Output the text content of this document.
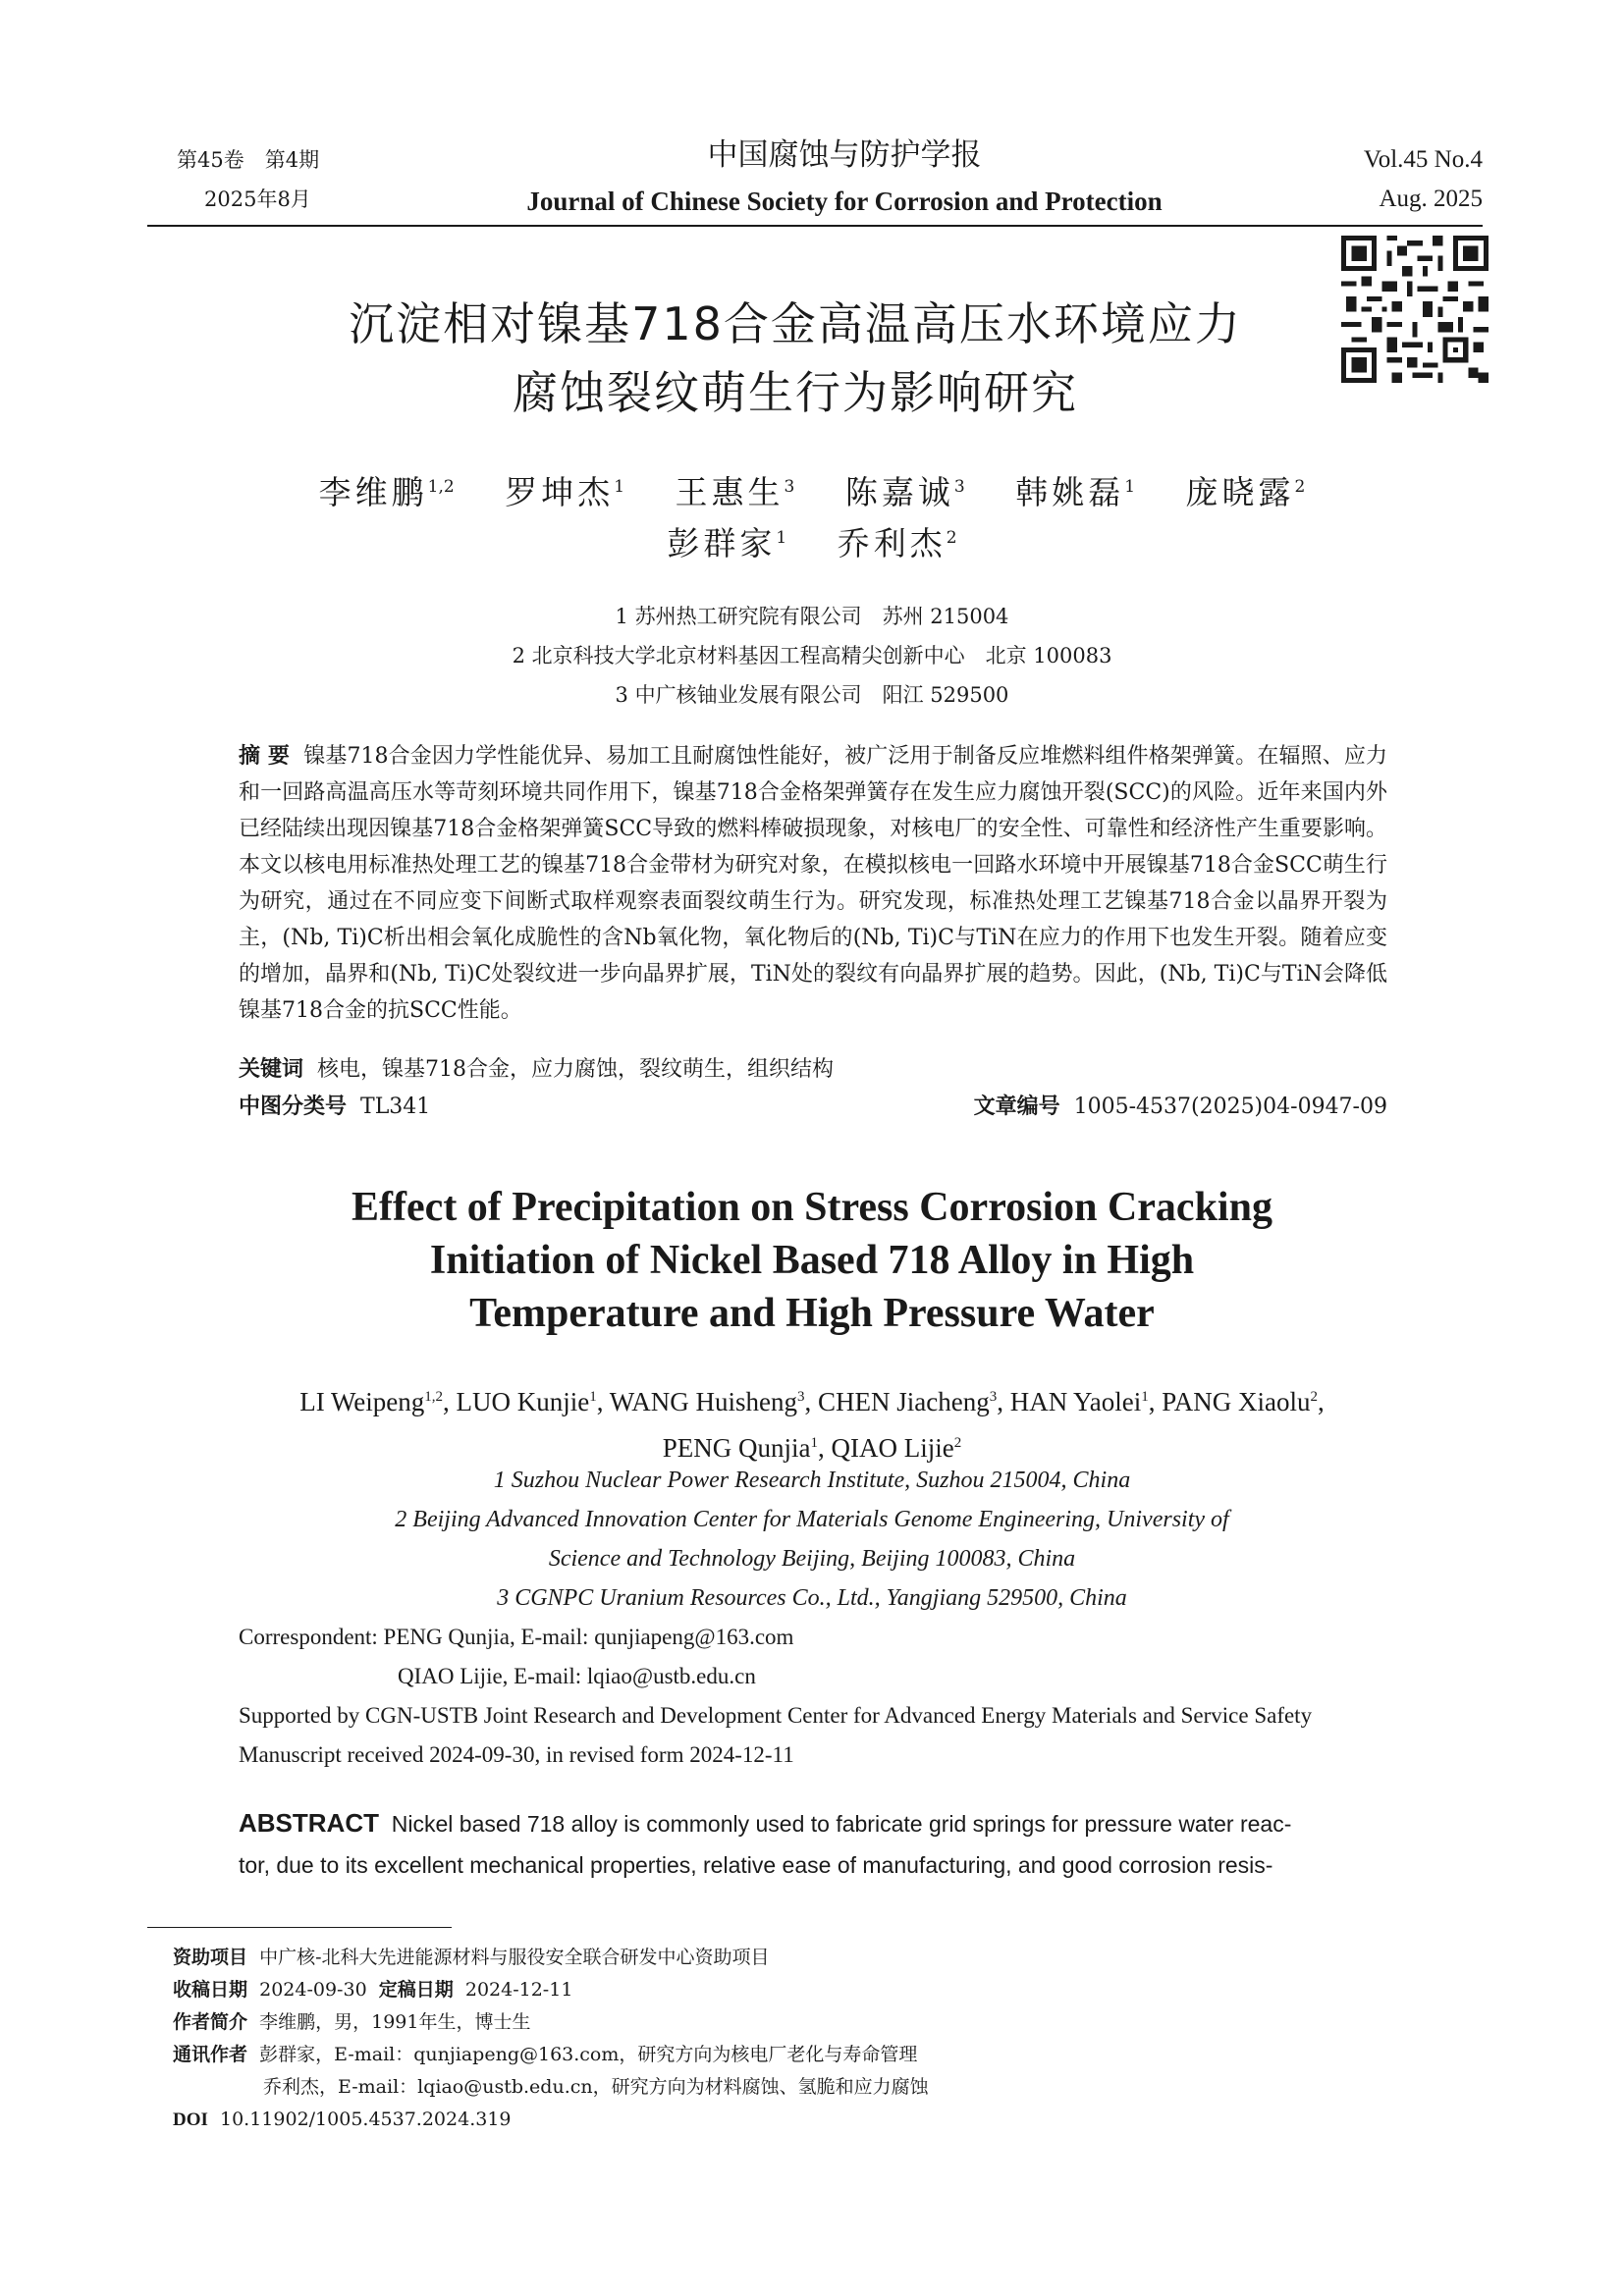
第45卷　第4期
2025年8月
中国腐蚀与防护学报
Journal of Chinese Society for Corrosion and Protection
Vol.45 No.4
Aug. 2025
沉淀相对镍基718合金高温高压水环境应力
腐蚀裂纹萌生行为影响研究
李维鹏$^{1,2}$　 罗坤杰$^1$　 王惠生$^3$　 陈嘉诚$^3$　 韩姚磊$^1$　 庞晓露$^2$
彭群家$^1$　 乔利杰$^2$
1 苏州热工研究院有限公司　苏州 215004
2 北京科技大学北京材料基因工程高精尖创新中心　北京 100083
3 中广核铀业发展有限公司　阳江 529500
摘 要 镍基718合金因力学性能优异、易加工且耐腐蚀性能好，被广泛用于制备反应堆燃料组件格架弹簧。在辐照、应力和一回路高温高压水等苛刻环境共同作用下，镍基718合金格架弹簧存在发生应力腐蚀开裂(SCC)的风险。近年来国内外已经陆续出现因镍基718合金格架弹簧SCC导致的燃料棒破损现象，对核电厂的安全性、可靠性和经济性产生重要影响。本文以核电用标准热处理工艺的镍基718合金带材为研究对象，在模拟核电一回路水环境中开展镍基718合金SCC萌生行为研究，通过在不同应变下间断式取样观察表面裂纹萌生行为。研究发现，标准热处理工艺镍基718合金以晶界开裂为主，(Nb, Ti)C析出相会氧化成脆性的含Nb氧化物，氧化物后的(Nb, Ti)C与TiN在应力的作用下也发生开裂。随着应变的增加，晶界和(Nb, Ti)C处裂纹进一步向晶界扩展，TiN处的裂纹有向晶界扩展的趋势。因此，(Nb, Ti)C与TiN会降低镍基718合金的抗SCC性能。
关键词 核电，镍基718合金，应力腐蚀，裂纹萌生，组织结构
中图分类号 TL341	文章编号 1005-4537(2025)04-0947-09
Effect of Precipitation on Stress Corrosion Cracking
Initiation of Nickel Based 718 Alloy in High
Temperature and High Pressure Water
LI Weipeng$^{1,2}$, LUO Kunjie$^1$, WANG Huisheng$^3$, CHEN Jiacheng$^3$, HAN Yaolei$^1$, PANG Xiaolu$^2$,
PENG Qunjia$^1$, QIAO Lijie$^2$
1 Suzhou Nuclear Power Research Institute, Suzhou 215004, China
2 Beijing Advanced Innovation Center for Materials Genome Engineering, University of
Science and Technology Beijing, Beijing 100083, China
3 CGNPC Uranium Resources Co., Ltd., Yangjiang 529500, China
Correspondent: PENG Qunjia, E-mail: qunjiapeng@163.com
QIAO Lijie, E-mail: lqiao@ustb.edu.cn
Supported by CGN-USTB Joint Research and Development Center for Advanced Energy Materials and Service Safety
Manuscript received 2024-09-30, in revised form 2024-12-11
ABSTRACT Nickel based 718 alloy is commonly used to fabricate grid springs for pressure water reac-
tor, due to its excellent mechanical properties, relative ease of manufacturing, and good corrosion resis-
资助项目 中广核-北科大先进能源材料与服役安全联合研发中心资助项目
收稿日期 2024-09-30 定稿日期 2024-12-11
作者简介 李维鹏，男，1991年生，博士生
通讯作者 彭群家，E-mail：qunjiapeng@163.com，研究方向为核电厂老化与寿命管理
乔利杰，E-mail：lqiao@ustb.edu.cn，研究方向为材料腐蚀、氢脆和应力腐蚀
DOI 10.11902/1005.4537.2024.319
